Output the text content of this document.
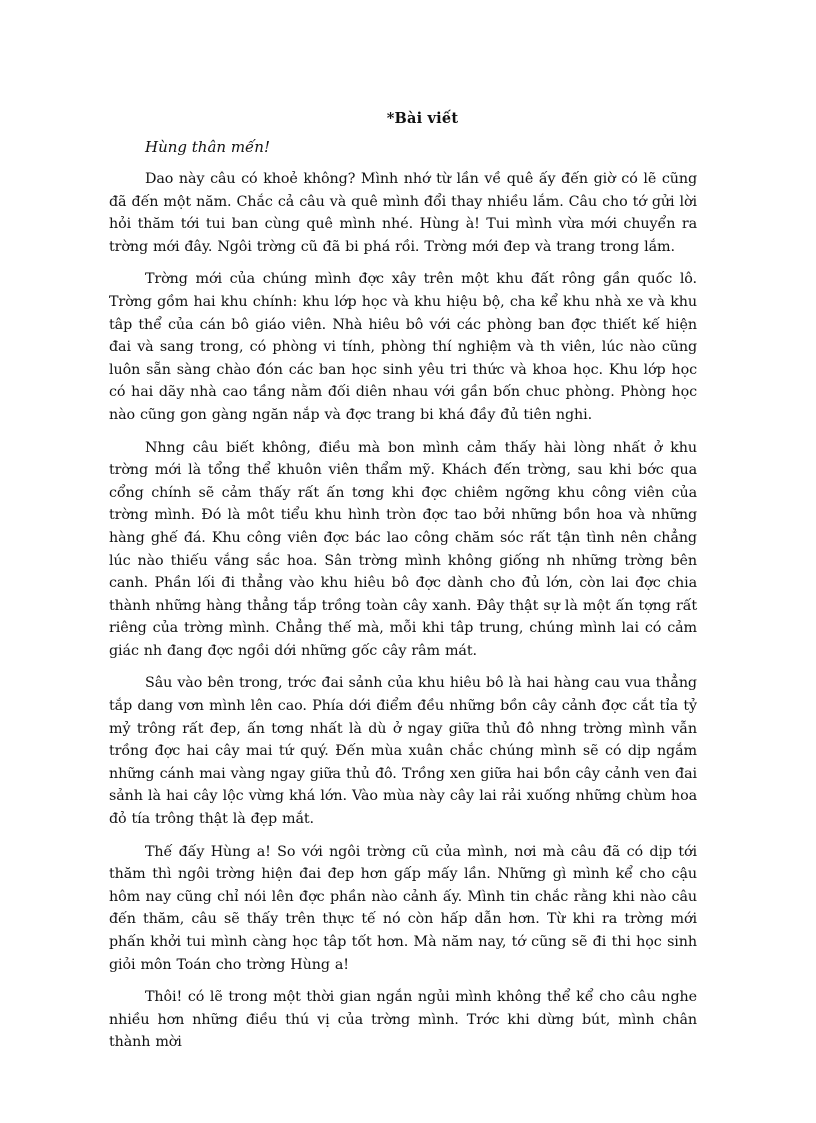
*Bài viết

Hùng thân mến!

Dao này câu có khoẻ không? Mình nhớ từ lần về quê ấy đến giờ có lẽ cũng đã đến một năm. Chắc cả câu và quê mình đổi thay nhiều lắm. Câu cho tớ gửi lời hỏi thăm tới tui ban cùng quê mình nhé. Hùng à! Tui mình vừa mới chuyển ra trờng mới đây. Ngôi trờng cũ đã bi phá rồi. Trờng mới đep và trang trong lắm.

Trờng mới của chúng mình đợc xây trên một khu đất rông gần quốc lô. Trờng gồm hai khu chính: khu lớp học và khu hiệu bộ, cha kể khu nhà xe và khu tâp thể của cán bô giáo viên. Nhà hiêu bô với các phòng ban đợc thiết kế hiện đai và sang trong, có phòng vi tính, phòng thí nghiệm và th viên, lúc nào cũng luôn sẵn sàng chào đón các ban học sinh yêu tri thức và khoa học. Khu lớp học có hai dãy nhà cao tầng nằm đối diên nhau với gần bốn chuc phòng. Phòng học nào cũng gon gàng ngăn nắp và đợc trang bi khá đầy đủ tiên nghi.

Nhng câu biết không, điều mà bon mình cảm thấy hài lòng nhất ở khu trờng mới là tổng thể khuôn viên thẩm mỹ. Khách đến trờng, sau khi bớc qua cổng chính sẽ cảm thấy rất ấn tơng khi đợc chiêm ngỡng khu công viên của trờng mình. Đó là môt tiểu khu hình tròn đợc tao bởi những bồn hoa và những hàng ghế đá. Khu công viên đợc bác lao công chăm sóc rất tận tình nên chẳng lúc nào thiếu vắng sắc hoa. Sân trờng mình không giống nh những trờng bên canh. Phần lối đi thẳng vào khu hiêu bô đợc dành cho đủ lớn, còn lai đợc chia thành những hàng thẳng tắp trồng toàn cây xanh. Đây thật sự là một ấn tợng rất riêng của trờng mình. Chẳng thế mà, mỗi khi tâp trung, chúng mình lai có cảm giác nh đang đợc ngồi dới những gốc cây râm mát.

Sâu vào bên trong, trớc đai sảnh của khu hiêu bô là hai hàng cau vua thẳng tắp dang vơn mình lên cao. Phía dới điểm đều những bồn cây cảnh đợc cắt tỉa tỷ mỷ trông rất đep, ấn tơng nhất là dù ở ngay giữa thủ đô nhng trờng mình vẫn trồng đợc hai cây mai tứ quý. Đến mùa xuân chắc chúng mình sẽ có dịp ngắm những cánh mai vàng ngay giữa thủ đô. Trồng xen giữa hai bồn cây cảnh ven đai sảnh là hai cây lộc vừng khá lớn. Vào mùa này cây lai rải xuống những chùm hoa đỏ tía trông thật là đẹp mắt.

Thế đấy Hùng a! So với ngôi trờng cũ của mình, nơi mà câu đã có dịp tới thăm thì ngôi trờng hiện đai đep hơn gấp mấy lần. Những gì mình kể cho cậu hôm nay cũng chỉ nói lên đợc phần nào cảnh ấy. Mình tin chắc rằng khi nào câu đến thăm, câu sẽ thấy trên thực tế nó còn hấp dẫn hơn. Từ khi ra trờng mới phấn khởi tui mình càng học tâp tốt hơn. Mà năm nay, tớ cũng sẽ đi thi học sinh giỏi môn Toán cho trờng Hùng a!

Thôi! có lẽ trong một thời gian ngắn ngủi mình không thể kể cho câu nghe nhiều hơn những điều thú vị của trờng mình. Trớc khi dừng bút, mình chân thành mời
